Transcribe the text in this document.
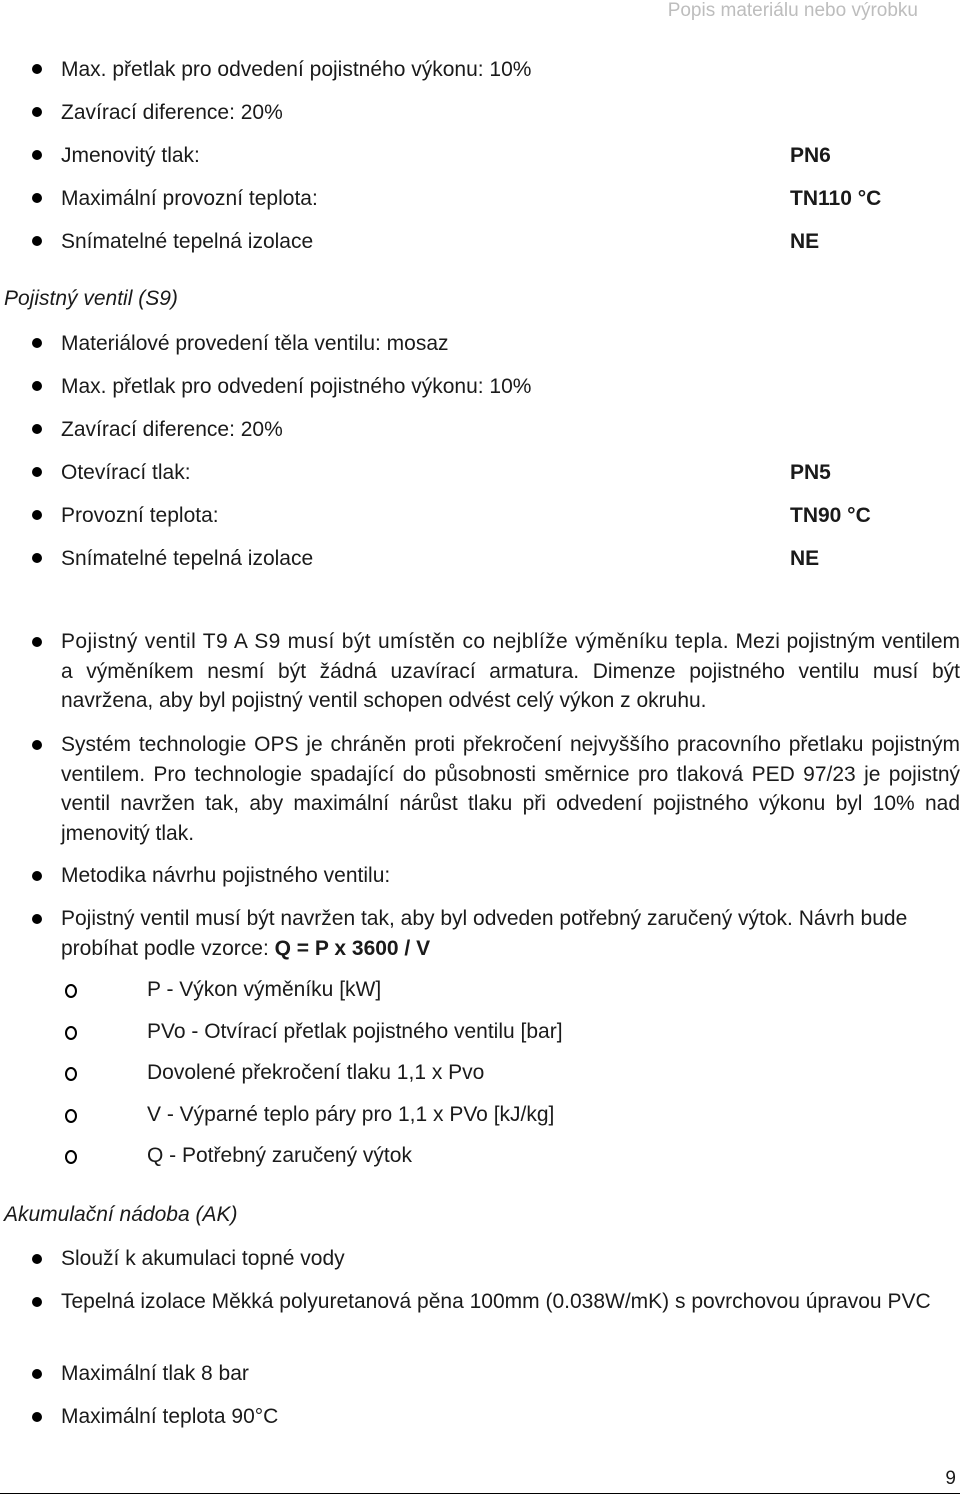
Popis materiálu nebo výrobku
Max. přetlak pro odvedení pojistného výkonu: 10%
Zavírací diference: 20%
Jmenovitý tlak:	PN6
Maximální provozní teplota:	TN110 °C
Snímatelné tepelná izolace	NE
Pojistný ventil (S9)
Materiálové provedení těla ventilu: mosaz
Max. přetlak pro odvedení pojistného výkonu: 10%
Zavírací diference: 20%
Otevírací tlak:	PN5
Provozní teplota:	TN90 °C
Snímatelné tepelná izolace	NE
Pojistný ventil T9 A S9 musí být umístěn co nejblíže výměníku tepla. Mezi pojistným ventilem a výměníkem nesmí být žádná uzavírací armatura. Dimenze pojistného ventilu musí být navržena, aby byl pojistný ventil schopen odvést celý výkon z okruhu.
Systém technologie OPS je chráněn proti překročení nejvyššího pracovního přetlaku pojistným ventilem. Pro technologie spadající do působnosti směrnice pro tlaková PED 97/23 je pojistný ventil navržen tak, aby maximální nárůst tlaku při odvedení pojistného výkonu byl 10% nad jmenovitý tlak.
Metodika návrhu pojistného ventilu:
Pojistný ventil musí být navržen tak, aby byl odveden potřebný zaručený výtok. Návrh bude probíhat podle vzorce: Q = P x 3600 / V
P - Výkon výměníku [kW]
PVo - Otvírací přetlak pojistného ventilu [bar]
Dovolené překročení tlaku 1,1 x Pvo
V - Výparné teplo páry pro 1,1 x PVo [kJ/kg]
Q - Potřebný zaručený výtok
Akumulační nádoba (AK)
Slouží k akumulaci topné vody
Tepelná izolace Měkká polyuretanová pěna 100mm (0.038W/mK) s povrchovou úpravou PVC
Maximální tlak 8 bar
Maximální teplota 90°C
9
